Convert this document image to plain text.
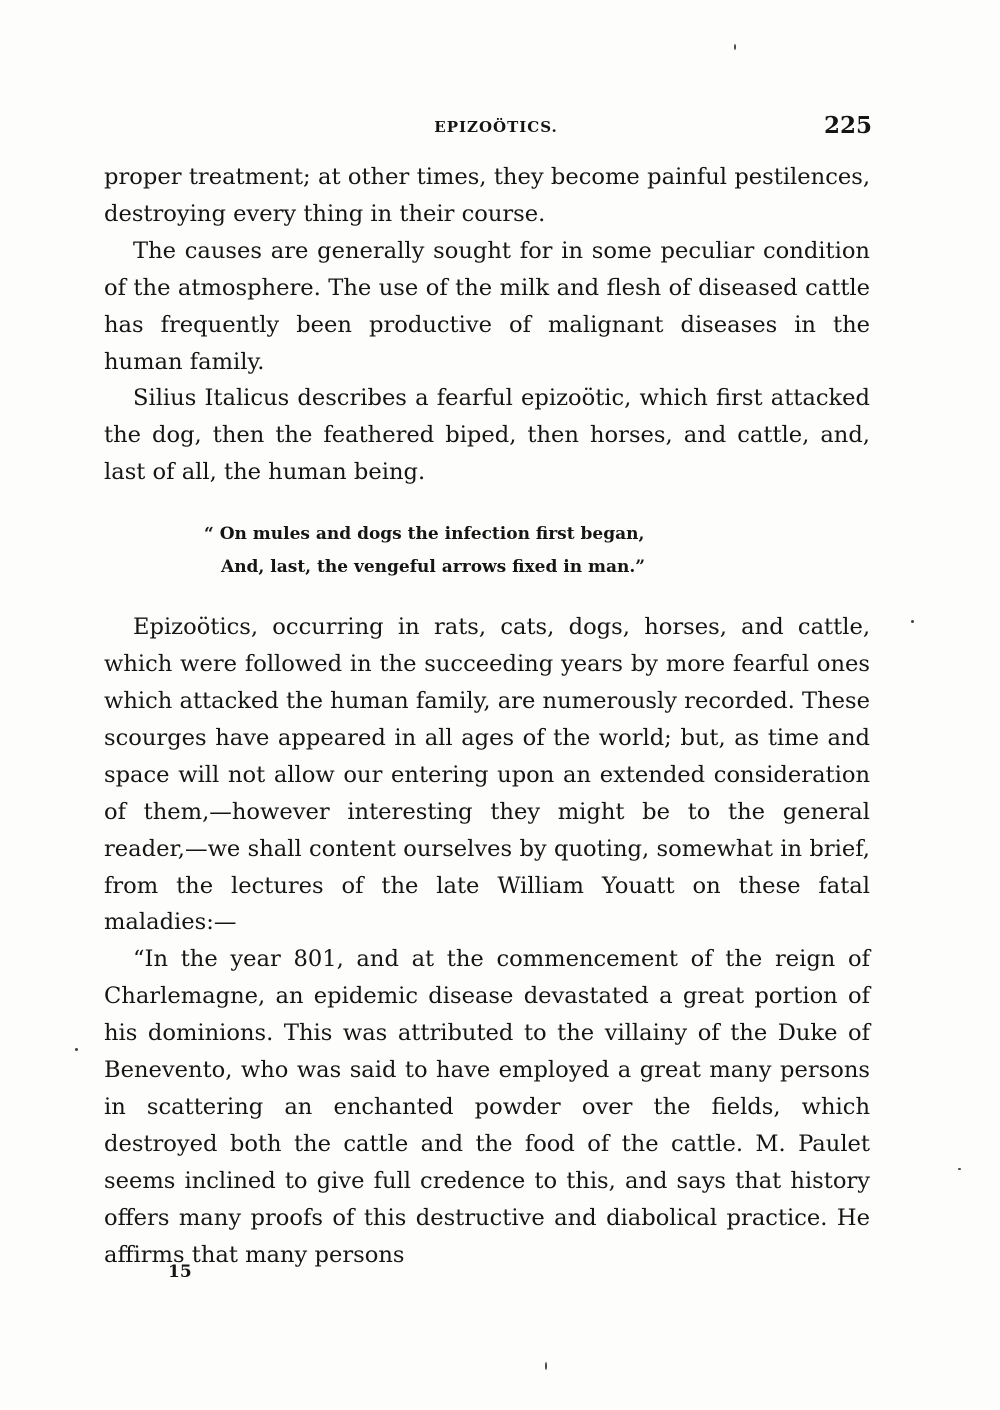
EPIZOÖTICS.	225

proper treatment; at other times, they become painful pestilences, destroying every thing in their course.

The causes are generally sought for in some peculiar condition of the atmosphere. The use of the milk and flesh of diseased cattle has frequently been productive of malignant diseases in the human family.

Silius Italicus describes a fearful epizoötic, which first attacked the dog, then the feathered biped, then horses, and cattle, and, last of all, the human being.

“ On mules and dogs the infection first began,
And, last, the vengeful arrows fixed in man.”

Epizoötics, occurring in rats, cats, dogs, horses, and cattle, which were followed in the succeeding years by more fearful ones which attacked the human family, are numerously recorded. These scourges have appeared in all ages of the world; but, as time and space will not allow our entering upon an extended consideration of them,—however interesting they might be to the general reader,—we shall content ourselves by quoting, somewhat in brief, from the lectures of the late William Youatt on these fatal maladies:—

“In the year 801, and at the commencement of the reign of Charlemagne, an epidemic disease devastated a great portion of his dominions. This was attributed to the villainy of the Duke of Benevento, who was said to have employed a great many persons in scattering an enchanted powder over the fields, which destroyed both the cattle and the food of the cattle. M. Paulet seems inclined to give full credence to this, and says that history offers many proofs of this destructive and diabolical practice. He affirms that many persons

15
